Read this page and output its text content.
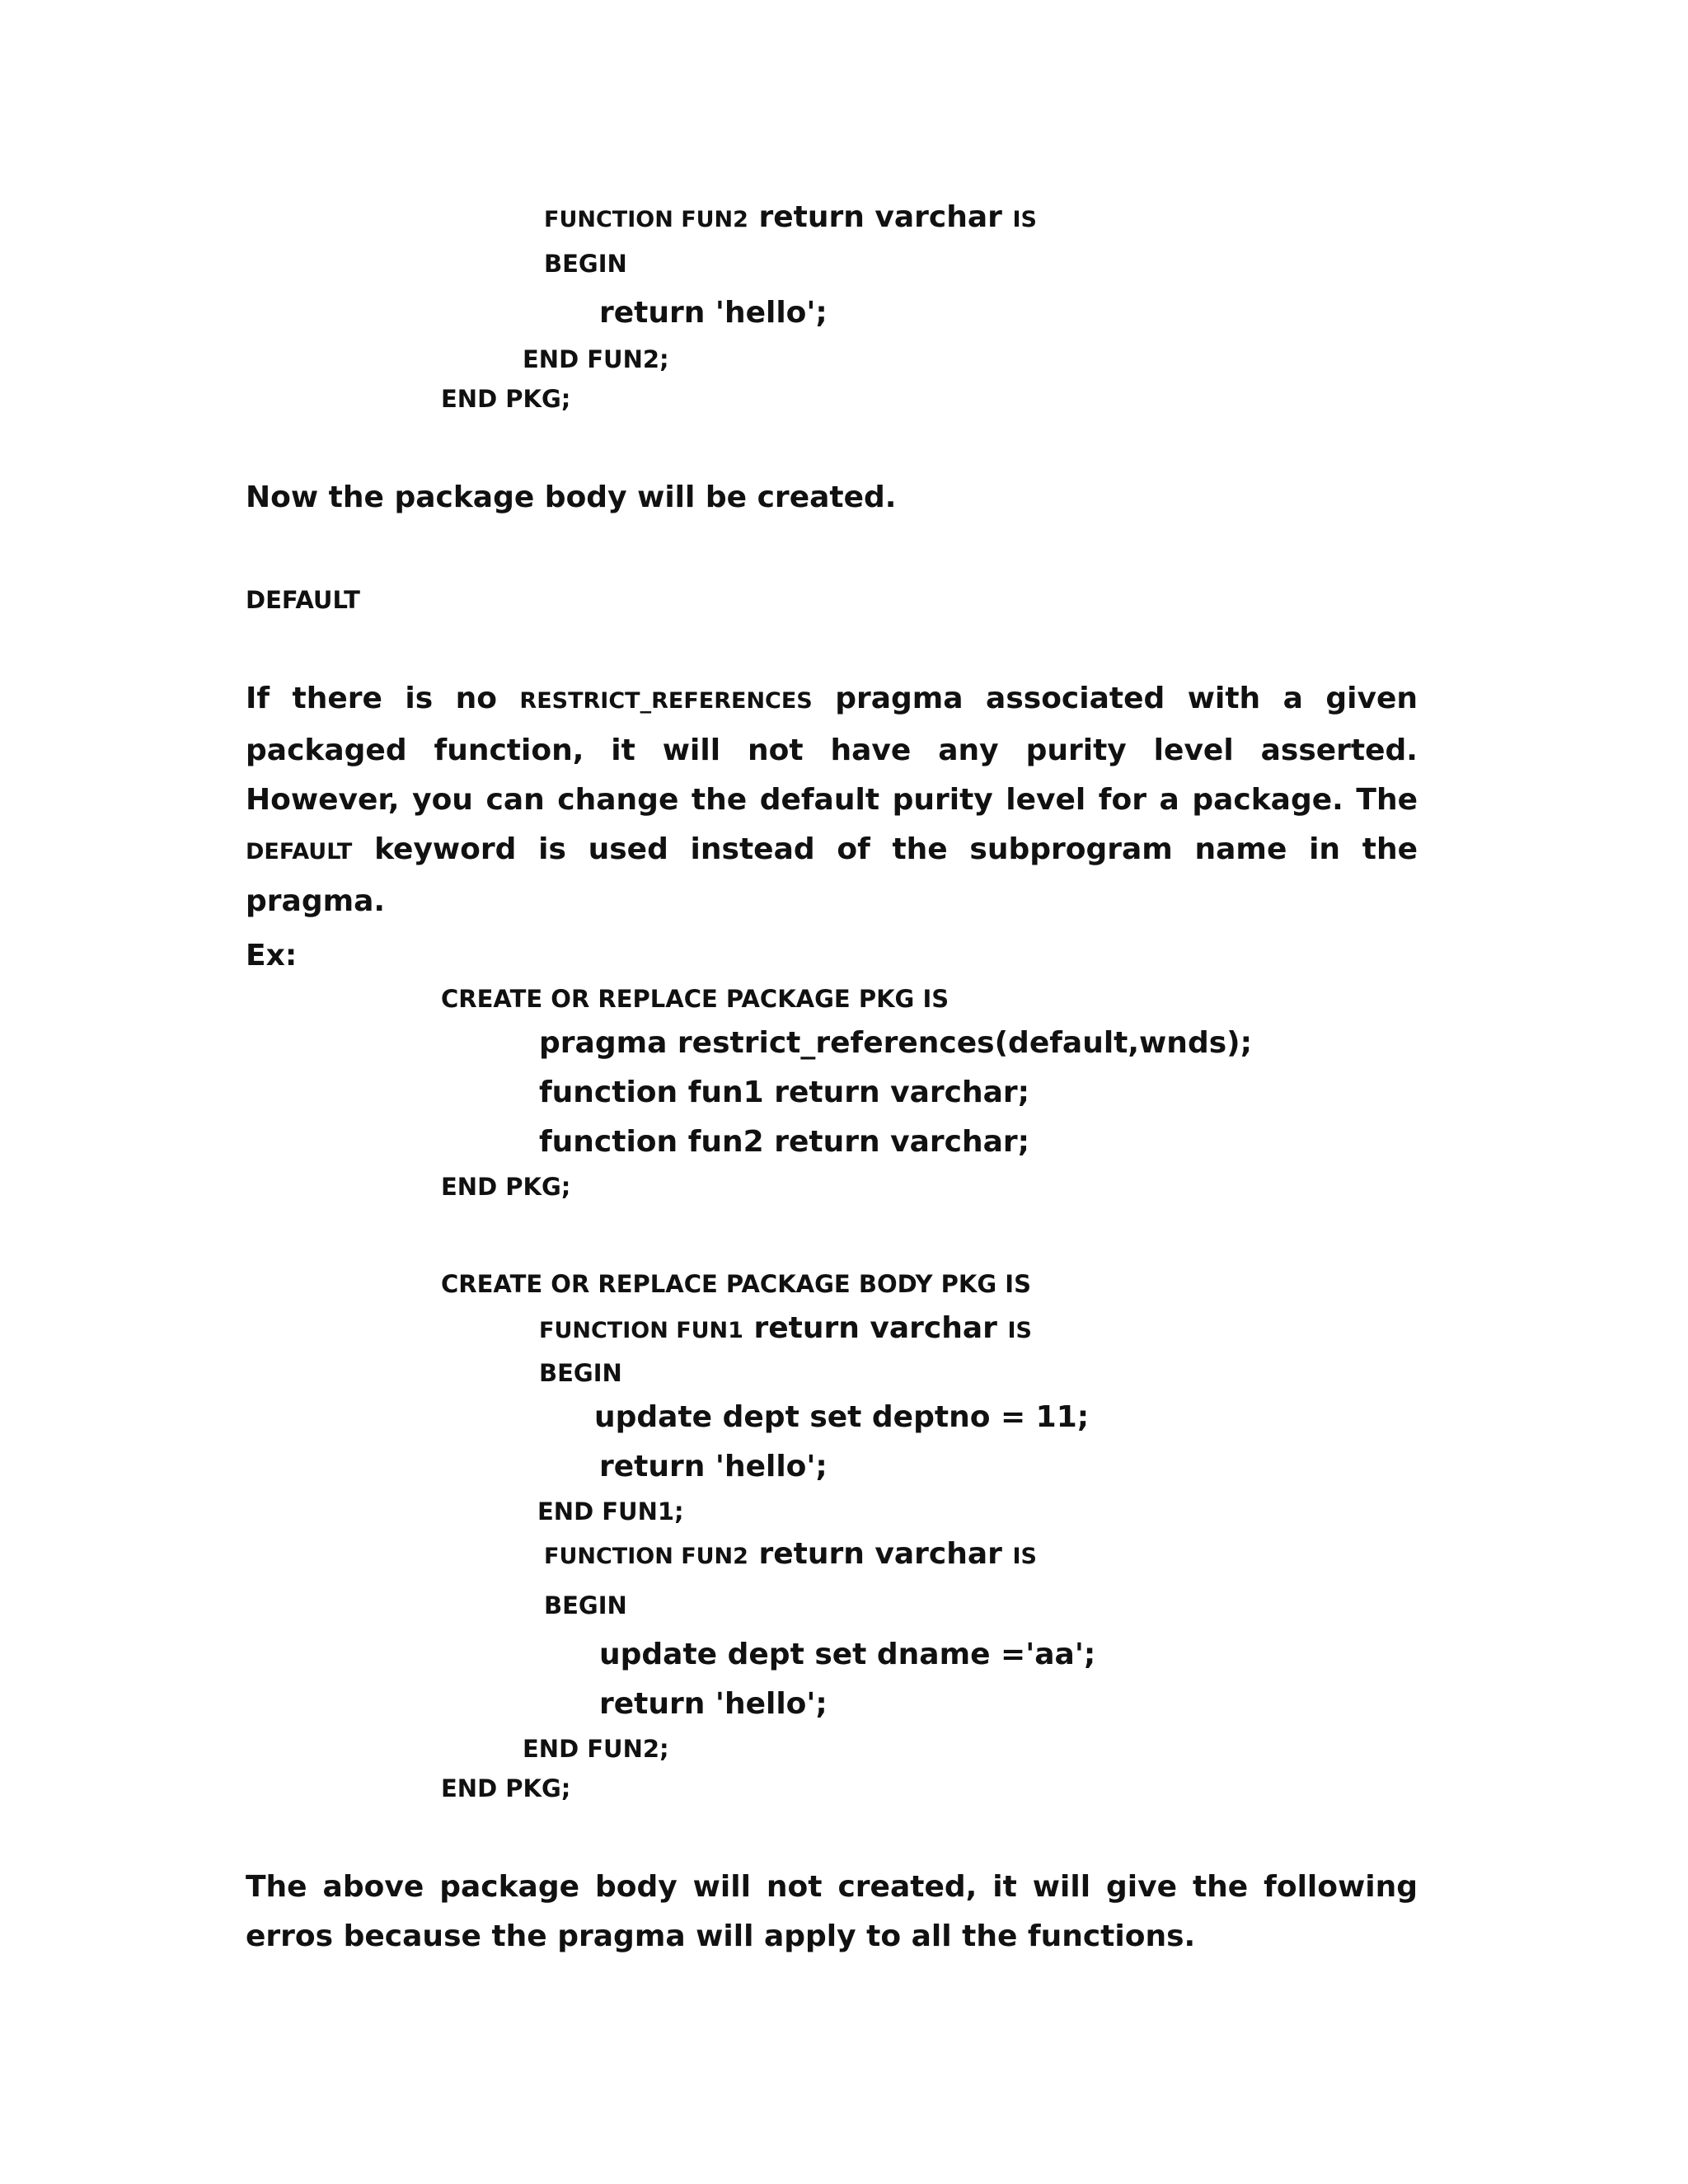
FUNCTION FUN2 return varchar IS
BEGIN
return 'hello';
END FUN2;
END PKG;
Now the package body will be created.
DEFAULT

If there is no RESTRICT_REFERENCES pragma associated with a given packaged function, it will not have any purity level asserted. However, you can change the default purity level for a package. The DEFAULT keyword is used instead of the subprogram name in the pragma.

Ex:
CREATE OR REPLACE PACKAGE PKG IS
pragma restrict_references(default,wnds);
function fun1 return varchar;
function fun2 return varchar;
END PKG;
CREATE OR REPLACE PACKAGE BODY PKG IS
FUNCTION FUN1 return varchar IS
BEGIN
update dept set deptno = 11;
return 'hello';
END FUN1;
FUNCTION FUN2 return varchar IS
BEGIN
update dept set dname ='aa';
return 'hello';
END FUN2;
END PKG;

The above package body will not created, it will give the following erros because the pragma will apply to all the functions.
